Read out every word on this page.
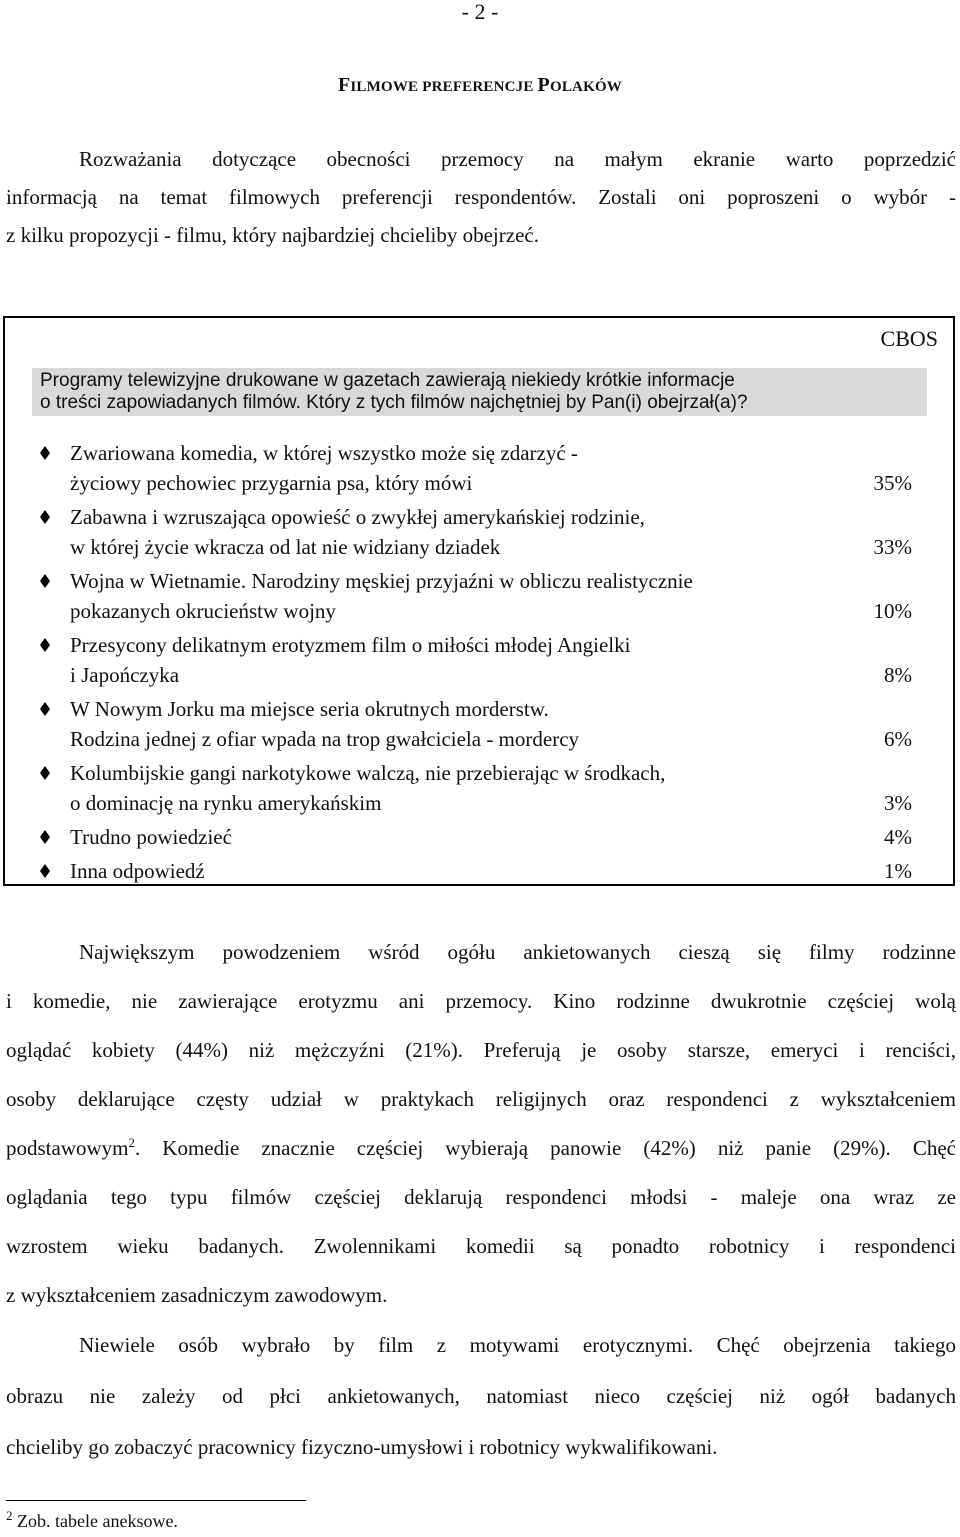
- 2 -
FILMOWE PREFERENCJE POLAKÓW
Rozważania dotyczące obecności przemocy na małym ekranie warto poprzedzić
informacją na temat filmowych preferencji respondentów. Zostali oni poproszeni o wybór -
z kilku propozycji - filmu, który najbardziej chcieliby obejrzeć.
CBOS
Programy telewizyjne drukowane w gazetach zawierają niekiedy krótkie informacje
o treści zapowiadanych filmów. Który z tych filmów najchętniej by Pan(i) obejrzał(a)?
Zwariowana komedia, w której wszystko może się zdarzyć -
życiowy pechowiec przygarnia psa, który mówi	35%
Zabawna i wzruszająca opowieść o zwykłej amerykańskiej rodzinie,
w której życie wkracza od lat nie widziany dziadek	33%
Wojna w Wietnamie. Narodziny męskiej przyjaźni w obliczu realistycznie
pokazanych okrucieństw wojny	10%
Przesycony delikatnym erotyzmem film o miłości młodej Angielki
i Japończyka	8%
W Nowym Jorku ma miejsce seria okrutnych morderstw.
Rodzina jednej z ofiar wpada na trop gwałciciela - mordercy	6%
Kolumbijskie gangi narkotykowe walczą, nie przebierając w środkach,
o dominację na rynku amerykańskim	3%
Trudno powiedzieć	4%
Inna odpowiedź	1%
Największym powodzeniem wśród ogółu ankietowanych cieszą się filmy rodzinne
i komedie, nie zawierające erotyzmu ani przemocy. Kino rodzinne dwukrotnie częściej wolą
oglądać kobiety (44%) niż mężczyźni (21%). Preferują je osoby starsze, emeryci i renciści,
osoby deklarujące częsty udział w praktykach religijnych oraz respondenci z wykształceniem
podstawowym$^2$. Komedie znacznie częściej wybierają panowie (42%) niż panie (29%). Chęć
oglądania tego typu filmów częściej deklarują respondenci młodsi - maleje ona wraz ze
wzrostem wieku badanych. Zwolennikami komedii są ponadto robotnicy i respondenci
z wykształceniem zasadniczym zawodowym.
Niewiele osób wybrało by film z motywami erotycznymi. Chęć obejrzenia takiego
obrazu nie zależy od płci ankietowanych, natomiast nieco częściej niż ogół badanych
chcieliby go zobaczyć pracownicy fizyczno-umysłowi i robotnicy wykwalifikowani.
$^2$ Zob. tabele aneksowe.
